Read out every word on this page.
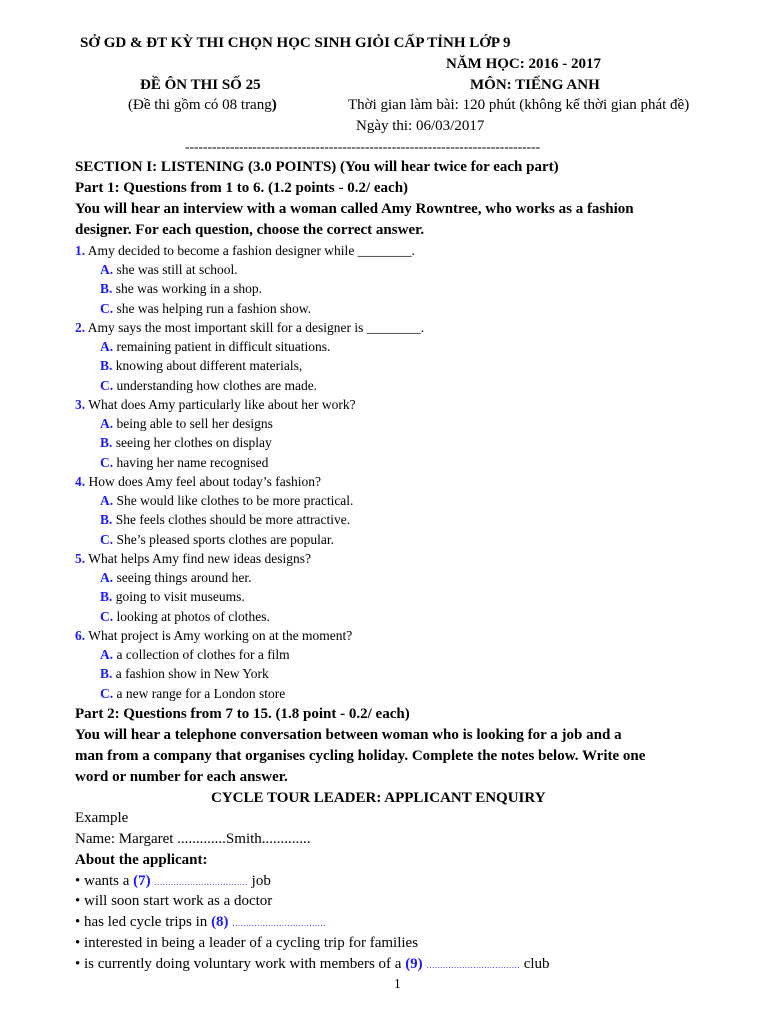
SỞ GD & ĐT KỲ THI CHỌN HỌC SINH GIỎI CẤP TỈNH LỚP 9
NĂM HỌC: 2016 - 2017
ĐỀ ÔN THI SỐ 25	MÔN: TIẾNG ANH
(Đề thi gồm có 08 trang)	Thời gian làm bài: 120 phút (không kể thời gian phát đề)
Ngày thi: 06/03/2017
-------------------------------------------------------------------------------
SECTION I: LISTENING (3.0 POINTS) (You will hear twice for each part)
Part 1: Questions from 1 to 6. (1.2 points - 0.2/ each)
You will hear an interview with a woman called Amy Rowntree, who works as a fashion
designer. For each question, choose the correct answer.
1. Amy decided to become a fashion designer while ________.
A. she was still at school.
B. she was working in a shop.
C. she was helping run a fashion show.
2. Amy says the most important skill for a designer is ________.
A. remaining patient in difficult situations.
B. knowing about different materials,
C. understanding how clothes are made.
3. What does Amy particularly like about her work?
A. being able to sell her designs
B. seeing her clothes on display
C. having her name recognised
4. How does Amy feel about today’s fashion?
A. She would like clothes to be more practical.
B. She feels clothes should be more attractive.
C. She’s pleased sports clothes are popular.
5. What helps Amy find new ideas designs?
A. seeing things around her.
B. going to visit museums.
C. looking at photos of clothes.
6. What project is Amy working on at the moment?
A. a collection of clothes for a film
B. a fashion show in New York
C. a new range for a London store
Part 2: Questions from 7 to 15. (1.8 point - 0.2/ each)
You will hear a telephone conversation between woman who is looking for a job and a
man from a company that organises cycling holiday. Complete the notes below. Write one
word or number for each answer.
CYCLE TOUR LEADER: APPLICANT ENQUIRY
Example
Name: Margaret .............Smith.............
About the applicant:
• wants a (7) .................................. job
• will soon start work as a doctor
• has led cycle trips in (8) ..................................
• interested in being a leader of a cycling trip for families
• is currently doing voluntary work with members of a (9) .................................. club
1
